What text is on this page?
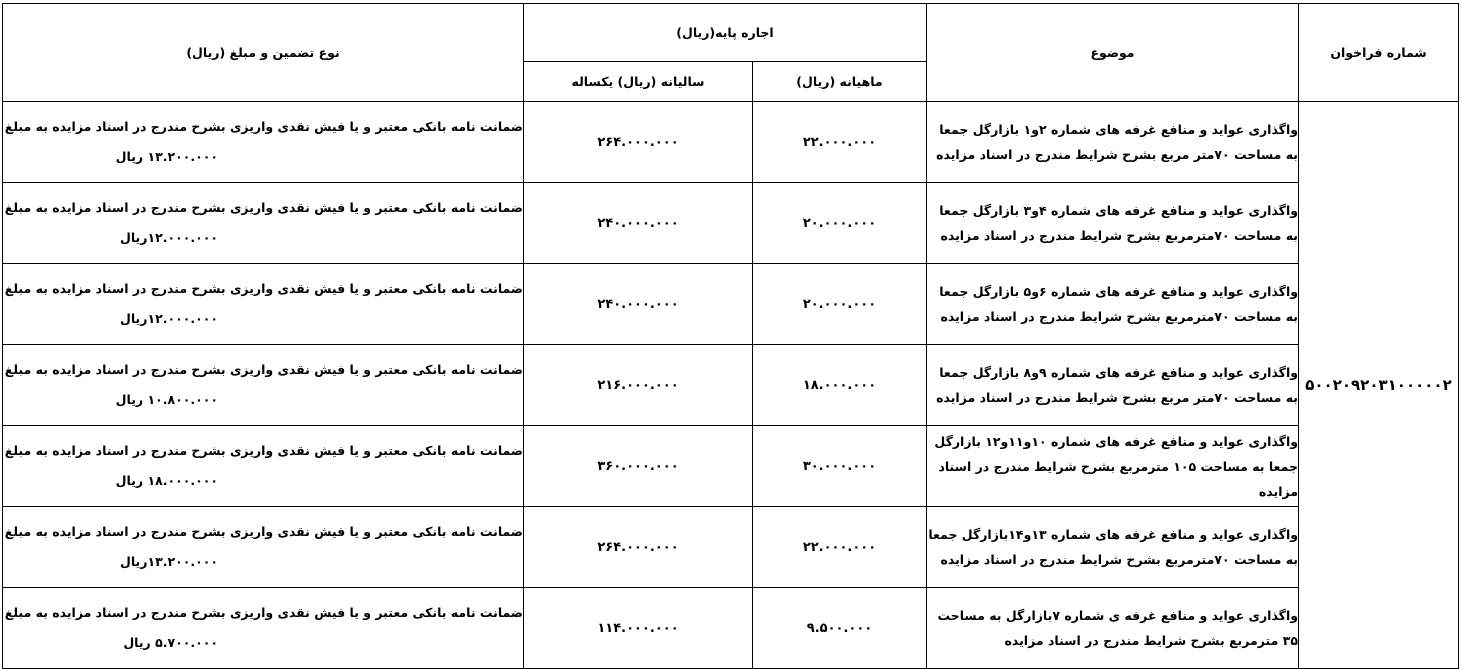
شماره فراخوان	موضوع	اجاره پایه(ریال)		نوع تضمین و مبلغ (ریال)
		ماهیانه (ریال)	سالیانه (ریال) یکساله	
۵۰۰۲۰۹۲۰۳۱۰۰۰۰۰۲	واگذاری عواید و منافع غرفه های شماره ۲و۱ بازارگل جمعا به مساحت ۷۰متر مربع بشرح شرایط مندرج در اسناد مزایده	۲۲.۰۰۰.۰۰۰	۲۶۴.۰۰۰.۰۰۰	ضمانت نامه بانکی معتبر و یا فیش نقدی واریزی بشرح مندرج در اسناد مزایده به مبلغ
۱۳.۲۰۰.۰۰۰ ریال

	واگذاری عواید و منافع غرفه های شماره ۴و۳ بازارگل جمعا به مساحت ۷۰مترمربع بشرح شرایط مندرج در اسناد مزایده	۲۰.۰۰۰.۰۰۰	۲۴۰.۰۰۰.۰۰۰	ضمانت نامه بانکی معتبر و یا فیش نقدی واریزی بشرح مندرج در اسناد مزایده به مبلغ
۱۲.۰۰۰.۰۰۰ریال

	واگذاری عواید و منافع غرفه های شماره ۶و۵ بازارگل جمعا به مساحت ۷۰مترمربع بشرح شرایط مندرج در اسناد مزایده	۲۰.۰۰۰.۰۰۰	۲۴۰.۰۰۰.۰۰۰	ضمانت نامه بانکی معتبر و یا فیش نقدی واریزی بشرح مندرج در اسناد مزایده به مبلغ
۱۲.۰۰۰.۰۰۰ریال

	واگذاری عواید و منافع غرفه های شماره ۹و۸ بازارگل جمعا به مساحت ۷۰متر مربع بشرح شرایط مندرج در اسناد مزایده	۱۸.۰۰۰.۰۰۰	۲۱۶.۰۰۰.۰۰۰	ضمانت نامه بانکی معتبر و یا فیش نقدی واریزی بشرح مندرج در اسناد مزایده به مبلغ
۱۰.۸۰۰.۰۰۰ ریال

	واگذاری عواید و منافع غرفه های شماره ۱۰و۱۱و۱۲ بازارگل جمعا به مساحت ۱۰۵ مترمربع بشرح شرایط مندرج در اسناد مزایده	۳۰.۰۰۰.۰۰۰	۳۶۰.۰۰۰.۰۰۰	ضمانت نامه بانکی معتبر و یا فیش نقدی واریزی بشرح مندرج در اسناد مزایده به مبلغ
۱۸.۰۰۰.۰۰۰ ریال

	واگذاری عواید و منافع غرفه های شماره ۱۳و۱۴بازارگل جمعا به مساحت ۷۰مترمربع بشرح شرایط مندرج در اسناد مزایده	۲۲.۰۰۰.۰۰۰	۲۶۴.۰۰۰.۰۰۰	ضمانت نامه بانکی معتبر و یا فیش نقدی واریزی بشرح مندرج در اسناد مزایده به مبلغ
۱۳.۲۰۰.۰۰۰ریال

	واگذاری عواید و منافع غرفه ی شماره ۷بازارگل به مساحت ۳۵ مترمربع بشرح شرایط مندرج در اسناد مزایده	۹.۵۰۰.۰۰۰	۱۱۴.۰۰۰.۰۰۰	ضمانت نامه بانکی معتبر و یا فیش نقدی واریزی بشرح مندرج در اسناد مزایده به مبلغ
۵.۷۰۰.۰۰۰ ریال
